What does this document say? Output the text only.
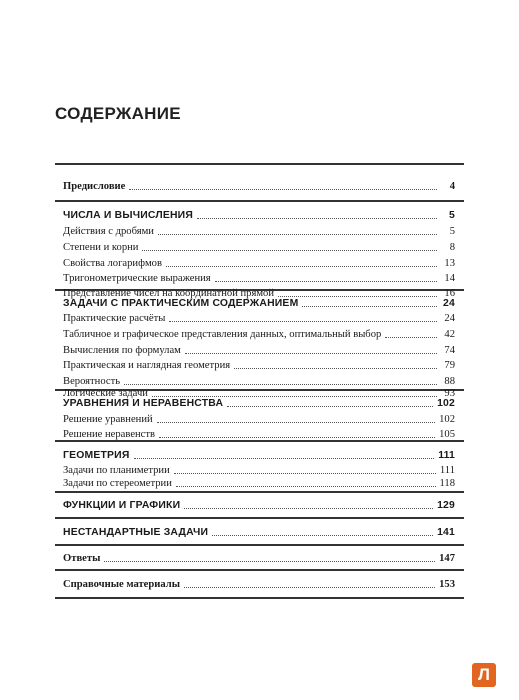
СОДЕРЖАНИЕ
Предисловие	4
ЧИСЛА И ВЫЧИСЛЕНИЯ	5
Действия с дробями	5
Степени и корни	8
Свойства логарифмов	13
Тригонометрические выражения	14
Представление чисел на координатной прямой	16
ЗАДАЧИ С ПРАКТИЧЕСКИМ СОДЕРЖАНИЕМ	24
Практические расчёты	24
Табличное и графическое представления данных, оптимальный выбор	42
Вычисления по формулам	74
Практическая и наглядная геометрия	79
Вероятность	88
Логические задачи	93
УРАВНЕНИЯ И НЕРАВЕНСТВА	102
Решение уравнений	102
Решение неравенств	105
ГЕОМЕТРИЯ	111
Задачи по планиметрии	111
Задачи по стереометрии	118
ФУНКЦИИ И ГРАФИКИ	129
НЕСТАНДАРТНЫЕ ЗАДАЧИ	141
Ответы	147
Справочные материалы	153
Л
